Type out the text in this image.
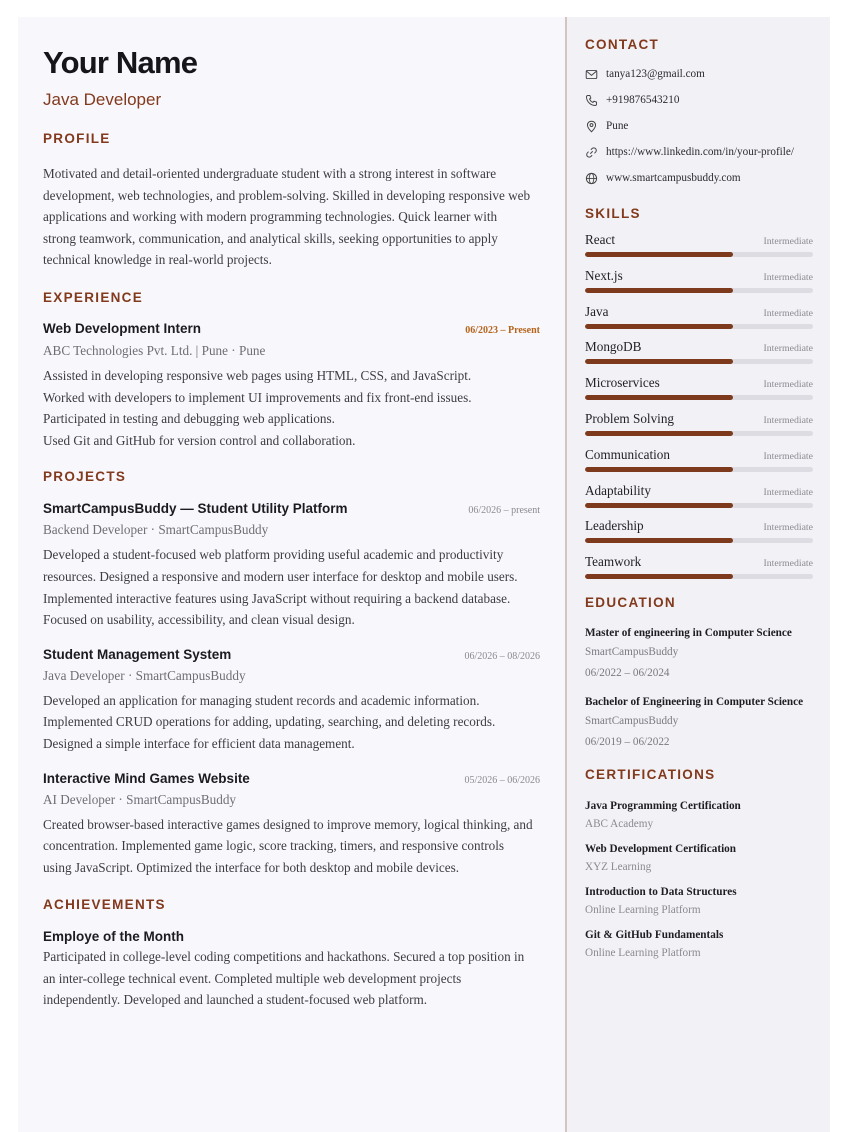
Your Name
Java Developer
PROFILE
Motivated and detail-oriented undergraduate student with a strong interest in software
development, web technologies, and problem-solving. Skilled in developing responsive web
applications and working with modern programming technologies. Quick learner with
strong teamwork, communication, and analytical skills, seeking opportunities to apply
technical knowledge in real-world projects.
EXPERIENCE
Web Development Intern	06/2023 – Present
ABC Technologies Pvt. Ltd. | Pune · Pune
Assisted in developing responsive web pages using HTML, CSS, and JavaScript.
Worked with developers to implement UI improvements and fix front-end issues.
Participated in testing and debugging web applications.
Used Git and GitHub for version control and collaboration.
PROJECTS
SmartCampusBuddy — Student Utility Platform	06/2026 – present
Backend Developer · SmartCampusBuddy
Developed a student-focused web platform providing useful academic and productivity
resources. Designed a responsive and modern user interface for desktop and mobile users.
Implemented interactive features using JavaScript without requiring a backend database.
Focused on usability, accessibility, and clean visual design.
Student Management System	06/2026 – 08/2026
Java Developer · SmartCampusBuddy
Developed an application for managing student records and academic information.
Implemented CRUD operations for adding, updating, searching, and deleting records.
Designed a simple interface for efficient data management.
Interactive Mind Games Website	05/2026 – 06/2026
AI Developer · SmartCampusBuddy
Created browser-based interactive games designed to improve memory, logical thinking, and
concentration. Implemented game logic, score tracking, timers, and responsive controls
using JavaScript. Optimized the interface for both desktop and mobile devices.
ACHIEVEMENTS
Employe of the Month
Participated in college-level coding competitions and hackathons. Secured a top position in
an inter-college technical event. Completed multiple web development projects
independently. Developed and launched a student-focused web platform.
CONTACT
tanya123@gmail.com
+919876543210
Pune
https://www.linkedin.com/in/your-profile/
www.smartcampusbuddy.com
SKILLS
React	Intermediate
Next.js	Intermediate
Java	Intermediate
MongoDB	Intermediate
Microservices	Intermediate
Problem Solving	Intermediate
Communication	Intermediate
Adaptability	Intermediate
Leadership	Intermediate
Teamwork	Intermediate
EDUCATION
Master of engineering in Computer Science
SmartCampusBuddy
06/2022 – 06/2024
Bachelor of Engineering in Computer Science
SmartCampusBuddy
06/2019 – 06/2022
CERTIFICATIONS
Java Programming Certification
ABC Academy
Web Development Certification
XYZ Learning
Introduction to Data Structures
Online Learning Platform
Git & GitHub Fundamentals
Online Learning Platform
